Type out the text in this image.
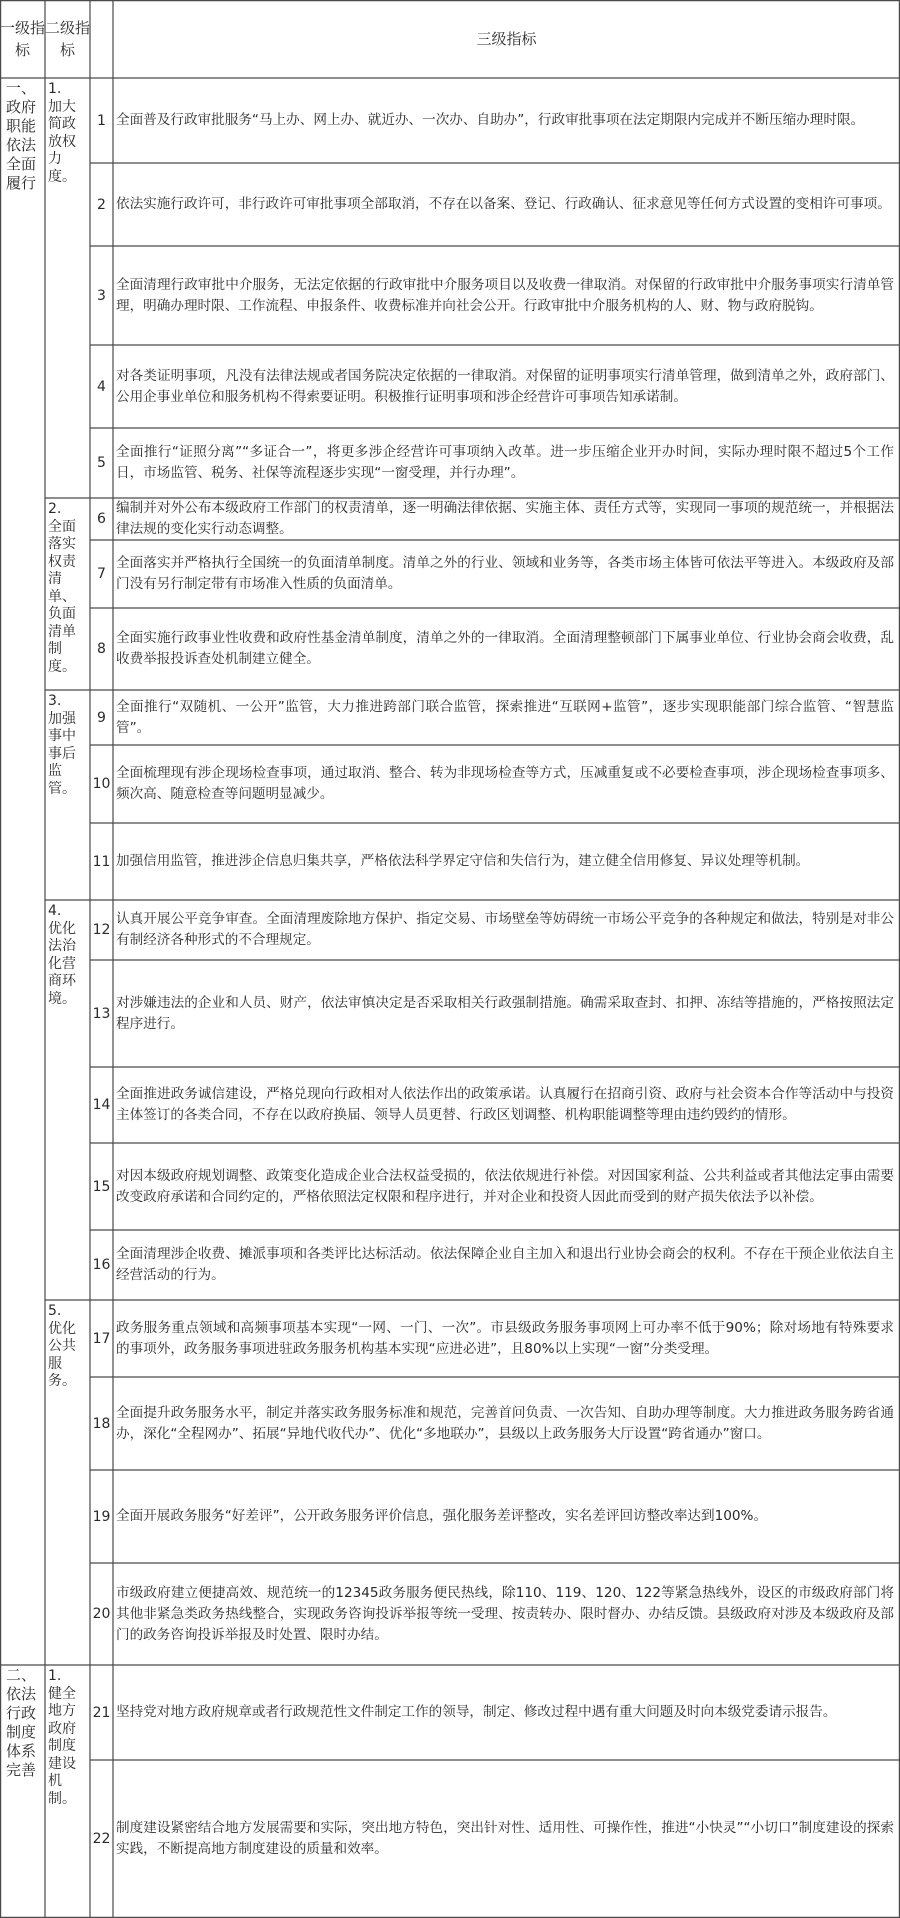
一级指标
二级指标
三级指标
1 全面普及行政审批服务“马上办、网上办、就近办、一次办、自助办”，行政审批事项在法定期限内完成并不断压缩办理时限。
2 依法实施行政许可，非行政许可审批事项全部取消，不存在以备案、登记、行政确认、征求意见等任何方式设置的变相许可事项。
3
全面清理行政审批中介服务，无法定依据的行政审批中介服务项目以及收费一律取消。对保留的行政审批中介服务事项实行清单管理，明确办理时限、工作流程、申报条件、收费标准并向社会公开。行政审批中介服务机构的人、财、物与政府脱钩。
4
对各类证明事项，凡没有法律法规或者国务院决定依据的一律取消。对保留的证明事项实行清单管理，做到清单之外，政府部门、公用企事业单位和服务机构不得索要证明。积极推行证明事项和涉企经营许可事项告知承诺制。
5
全面推行“证照分离”“多证合一”，将更多涉企经营许可事项纳入改革。进一步压缩企业开办时间，实际办理时限不超过5个工作日，市场监管、税务、社保等流程逐步实现“一窗受理，并行办理”。
1.加大简政放权力度。
6
编制并对外公布本级政府工作部门的权责清单，逐一明确法律依据、实施主体、责任方式等，实现同一事项的规范统一，并根据法律法规的变化实行动态调整。
7
全面落实并严格执行全国统一的负面清单制度。清单之外的行业、领域和业务等，各类市场主体皆可依法平等进入。本级政府及部门没有另行制定带有市场准入性质的负面清单。
8
全面实施行政事业性收费和政府性基金清单制度，清单之外的一律取消。全面清理整顿部门下属事业单位、行业协会商会收费，乱收费举报投诉查处机制建立健全。
2.全面落实权责清单、负面清单制度。
9
全面推行“双随机、一公开”监管，大力推进跨部门联合监管，探索推进“互联网+监管”，逐步实现职能部门综合监管、“智慧监管”。
10
全面梳理现有涉企现场检查事项，通过取消、整合、转为非现场检查等方式，压减重复或不必要检查事项，涉企现场检查事项多、频次高、随意检查等问题明显减少。
11 加强信用监管，推进涉企信息归集共享，严格依法科学界定守信和失信行为，建立健全信用修复、异议处理等机制。
3.加强事中事后监管。
12
认真开展公平竞争审查。全面清理废除地方保护、指定交易、市场壁垒等妨碍统一市场公平竞争的各种规定和做法，特别是对非公有制经济各种形式的不合理规定。
13
对涉嫌违法的企业和人员、财产，依法审慎决定是否采取相关行政强制措施。确需采取查封、扣押、冻结等措施的，严格按照法定程序进行。
14
全面推进政务诚信建设，严格兑现向行政相对人依法作出的政策承诺。认真履行在招商引资、政府与社会资本合作等活动中与投资主体签订的各类合同，不存在以政府换届、领导人员更替、行政区划调整、机构职能调整等理由违约毁约的情形。
15
对因本级政府规划调整、政策变化造成企业合法权益受损的，依法依规进行补偿。对因国家利益、公共利益或者其他法定事由需要改变政府承诺和合同约定的，严格依照法定权限和程序进行，并对企业和投资人因此而受到的财产损失依法予以补偿。
16
全面清理涉企收费、摊派事项和各类评比达标活动。依法保障企业自主加入和退出行业协会商会的权利。不存在干预企业依法自主经营活动的行为。
4.优化法治化营商环境。
17
政务服务重点领域和高频事项基本实现“一网、一门、一次”。市县级政务服务事项网上可办率不低于90%；除对场地有特殊要求的事项外，政务服务事项进驻政务服务机构基本实现“应进必进”，且80%以上实现“一窗”分类受理。
18
全面提升政务服务水平，制定并落实政务服务标准和规范，完善首问负责、一次告知、自助办理等制度。大力推进政务服务跨省通办，深化“全程网办”、拓展“异地代收代办”、优化“多地联办”，县级以上政务服务大厅设置“跨省通办”窗口。
19 全面开展政务服务“好差评”，公开政务服务评价信息，强化服务差评整改，实名差评回访整改率达到100%。
20
市级政府建立便捷高效、规范统一的12345政务服务便民热线，除110、119、120、122等紧急热线外，设区的市级政府部门将其他非紧急类政务热线整合，实现政务咨询投诉举报等统一受理、按责转办、限时督办、办结反馈。县级政府对涉及本级政府及部门的政务咨询投诉举报及时处置、限时办结。
5.优化公共服务。
一、政府职能依法全面履行
21 坚持党对地方政府规章或者行政规范性文件制定工作的领导，制定、修改过程中遇有重大问题及时向本级党委请示报告。
22
制度建设紧密结合地方发展需要和实际，突出地方特色，突出针对性、适用性、可操作性，推进“小快灵”“小切口”制度建设的探索实践，不断提高地方制度建设的质量和效率。
1.健全地方政府制度建设机制。
二、依法行政制度体系完善
